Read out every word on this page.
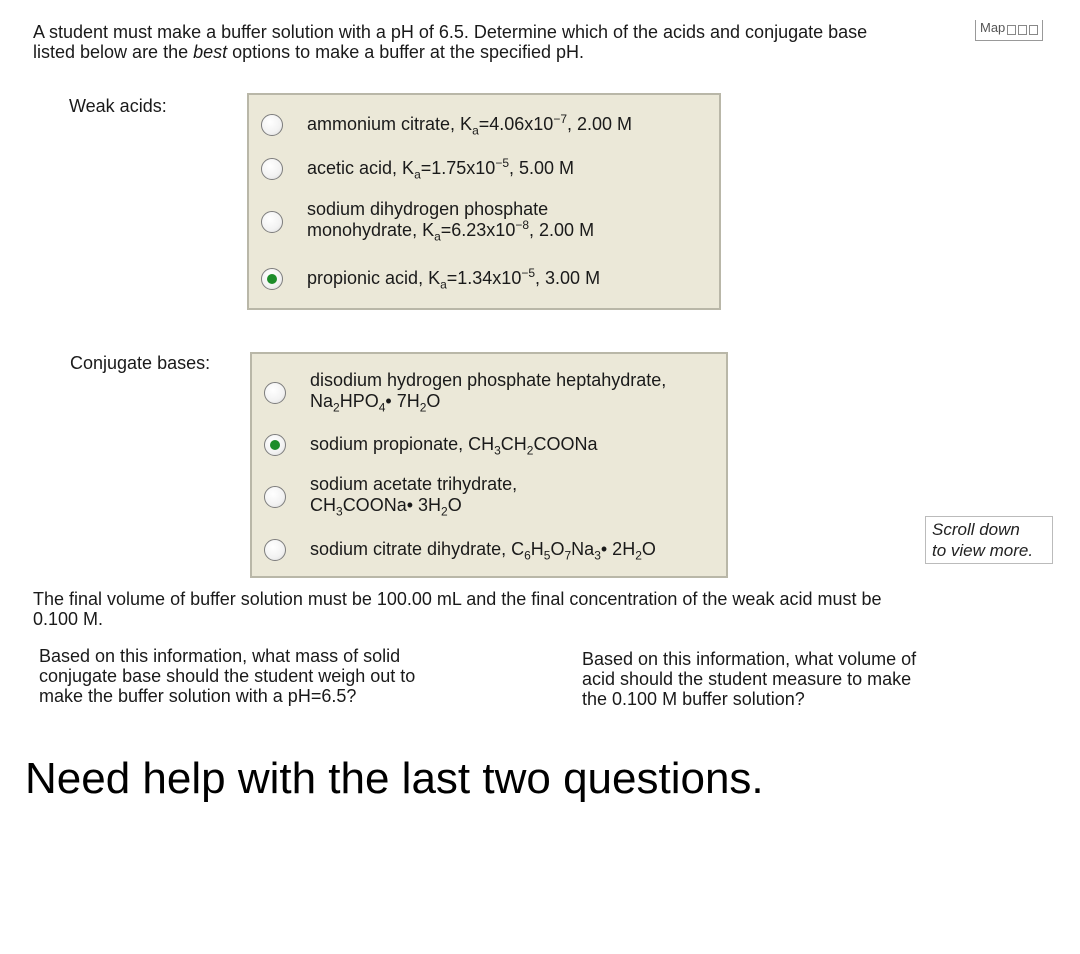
A student must make a buffer solution with a pH of 6.5. Determine which of the acids and conjugate base
listed below are the best options to make a buffer at the specified pH.
Map
Weak acids:
ammonium citrate, $K_a=4.06x10^{-7}$, 2.00 M
acetic acid, $K_a=1.75x10^{-5}$, 5.00 M
sodium dihydrogen phosphate
monohydrate, $K_a=6.23x10^{-8}$, 2.00 M
propionic acid, $K_a=1.34x10^{-5}$, 3.00 M
Conjugate bases:
disodium hydrogen phosphate heptahydrate,
$Na_2HPO_4•$ $7H_2O$
sodium propionate, $CH_3CH_2COONa$
sodium acetate trihydrate,
$CH_3COONa•$ $3H_2O$
sodium citrate dihydrate, $C_6H_5O_7Na_3•$ $2H_2O$
Scroll down
to view more.
The final volume of buffer solution must be 100.00 mL and the final concentration of the weak acid must be
0.100 M.
Based on this information, what mass of solid
conjugate base should the student weigh out to
make the buffer solution with a pH=6.5?
Based on this information, what volume of
acid should the student measure to make
the 0.100 M buffer solution?
Need help with the last two questions.
